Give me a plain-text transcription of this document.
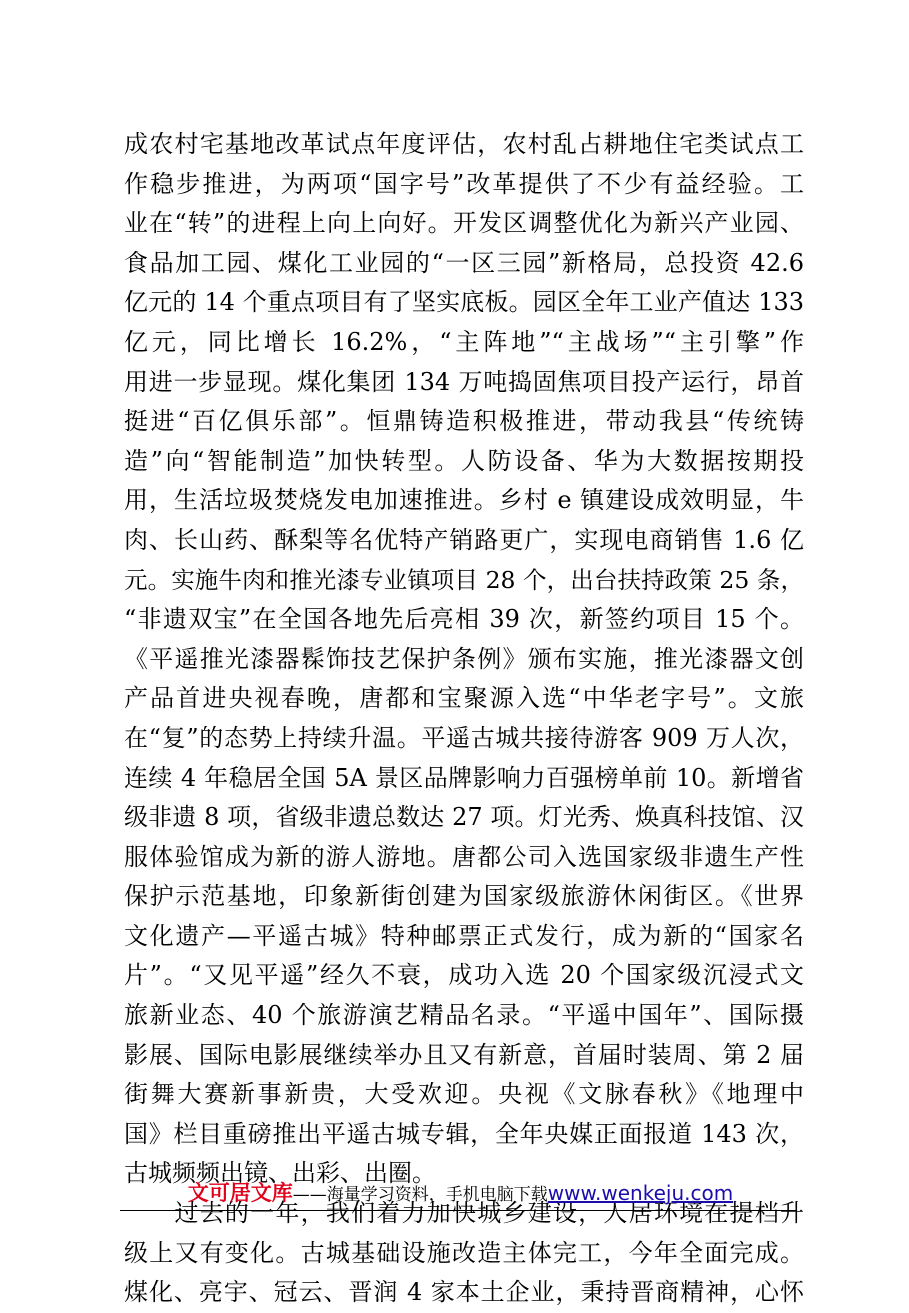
成农村宅基地改革试点年度评估，农村乱占耕地住宅类试点工
作稳步推进，为两项“国字号”改革提供了不少有益经验。工
业在“转”的进程上向上向好。开发区调整优化为新兴产业园、
食品加工园、煤化工业园的“一区三园”新格局，总投资 42.6
亿元的 14 个重点项目有了坚实底板。园区全年工业产值达 133
亿元，同比增长 16.2%，“主阵地”“主战场”“主引擎”作
用进一步显现。煤化集团 134 万吨捣固焦项目投产运行，昂首
挺进“百亿俱乐部”。恒鼎铸造积极推进，带动我县“传统铸
造”向“智能制造”加快转型。人防设备、华为大数据按期投
用，生活垃圾焚烧发电加速推进。乡村 e 镇建设成效明显，牛
肉、长山药、酥梨等名优特产销路更广，实现电商销售 1.6 亿
元。实施牛肉和推光漆专业镇项目 28 个，出台扶持政策 25 条，
“非遗双宝”在全国各地先后亮相 39 次，新签约项目 15 个。
《平遥推光漆器髹饰技艺保护条例》颁布实施，推光漆器文创
产品首进央视春晚，唐都和宝聚源入选“中华老字号”。文旅
在“复”的态势上持续升温。平遥古城共接待游客 909 万人次，
连续 4 年稳居全国 5A 景区品牌影响力百强榜单前 10。新增省
级非遗 8 项，省级非遗总数达 27 项。灯光秀、焕真科技馆、汉
服体验馆成为新的游人游地。唐都公司入选国家级非遗生产性
保护示范基地，印象新街创建为国家级旅游休闲街区。《世界
文化遗产—平遥古城》特种邮票正式发行，成为新的“国家名
片”。“又见平遥”经久不衰，成功入选 20 个国家级沉浸式文
旅新业态、40 个旅游演艺精品名录。“平遥中国年”、国际摄
影展、国际电影展继续举办且又有新意，首届时装周、第 2 届
街舞大赛新事新贵，大受欢迎。央视《文脉春秋》《地理中
国》栏目重磅推出平遥古城专辑，全年央媒正面报道 143 次，
古城频频出镜、出彩、出圈。
　　过去的一年，我们着力加快城乡建设，人居环境在提档升
级上又有变化。古城基础设施改造主体完工，今年全面完成。
煤化、亮宇、冠云、晋润 4 家本土企业，秉持晋商精神，心怀
文可居文库——海量学习资料，手机电脑下载www.wenkeju.com
